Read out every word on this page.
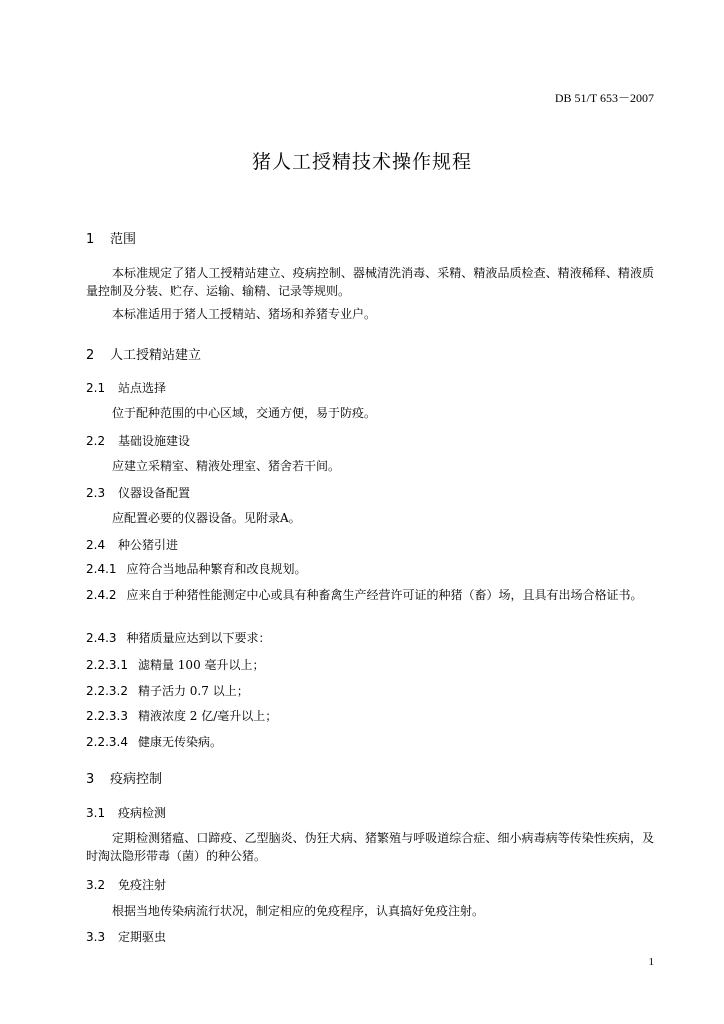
DB 51/T 653－2007
猪人工授精技术操作规程
1 范围
本标准规定了猪人工授精站建立、疫病控制、器械清洗消毒、采精、精液品质检查、精液稀释、精液质量控制及分装、贮存、运输、输精、记录等规则。
本标准适用于猪人工授精站、猪场和养猪专业户。
2 人工授精站建立
2.1 站点选择
位于配种范围的中心区域，交通方便，易于防疫。
2.2 基础设施建设
应建立采精室、精液处理室、猪舍若干间。
2.3 仪器设备配置
应配置必要的仪器设备。见附录A。
2.4 种公猪引进
2.4.1 应符合当地品种繁育和改良规划。
2.4.2 应来自于种猪性能测定中心或具有种畜禽生产经营许可证的种猪（畜）场，且具有出场合格证书。
2.4.3 种猪质量应达到以下要求：
2.2.3.1 滤精量 100 毫升以上；
2.2.3.2 精子活力 0.7 以上；
2.2.3.3 精液浓度 2 亿/毫升以上；
2.2.3.4 健康无传染病。
3 疫病控制
3.1 疫病检测
定期检测猪瘟、口蹄疫、乙型脑炎、伪狂犬病、猪繁殖与呼吸道综合症、细小病毒病等传染性疾病，及时淘汰隐形带毒（菌）的种公猪。
3.2 免疫注射
根据当地传染病流行状况，制定相应的免疫程序，认真搞好免疫注射。
3.3 定期驱虫
1
